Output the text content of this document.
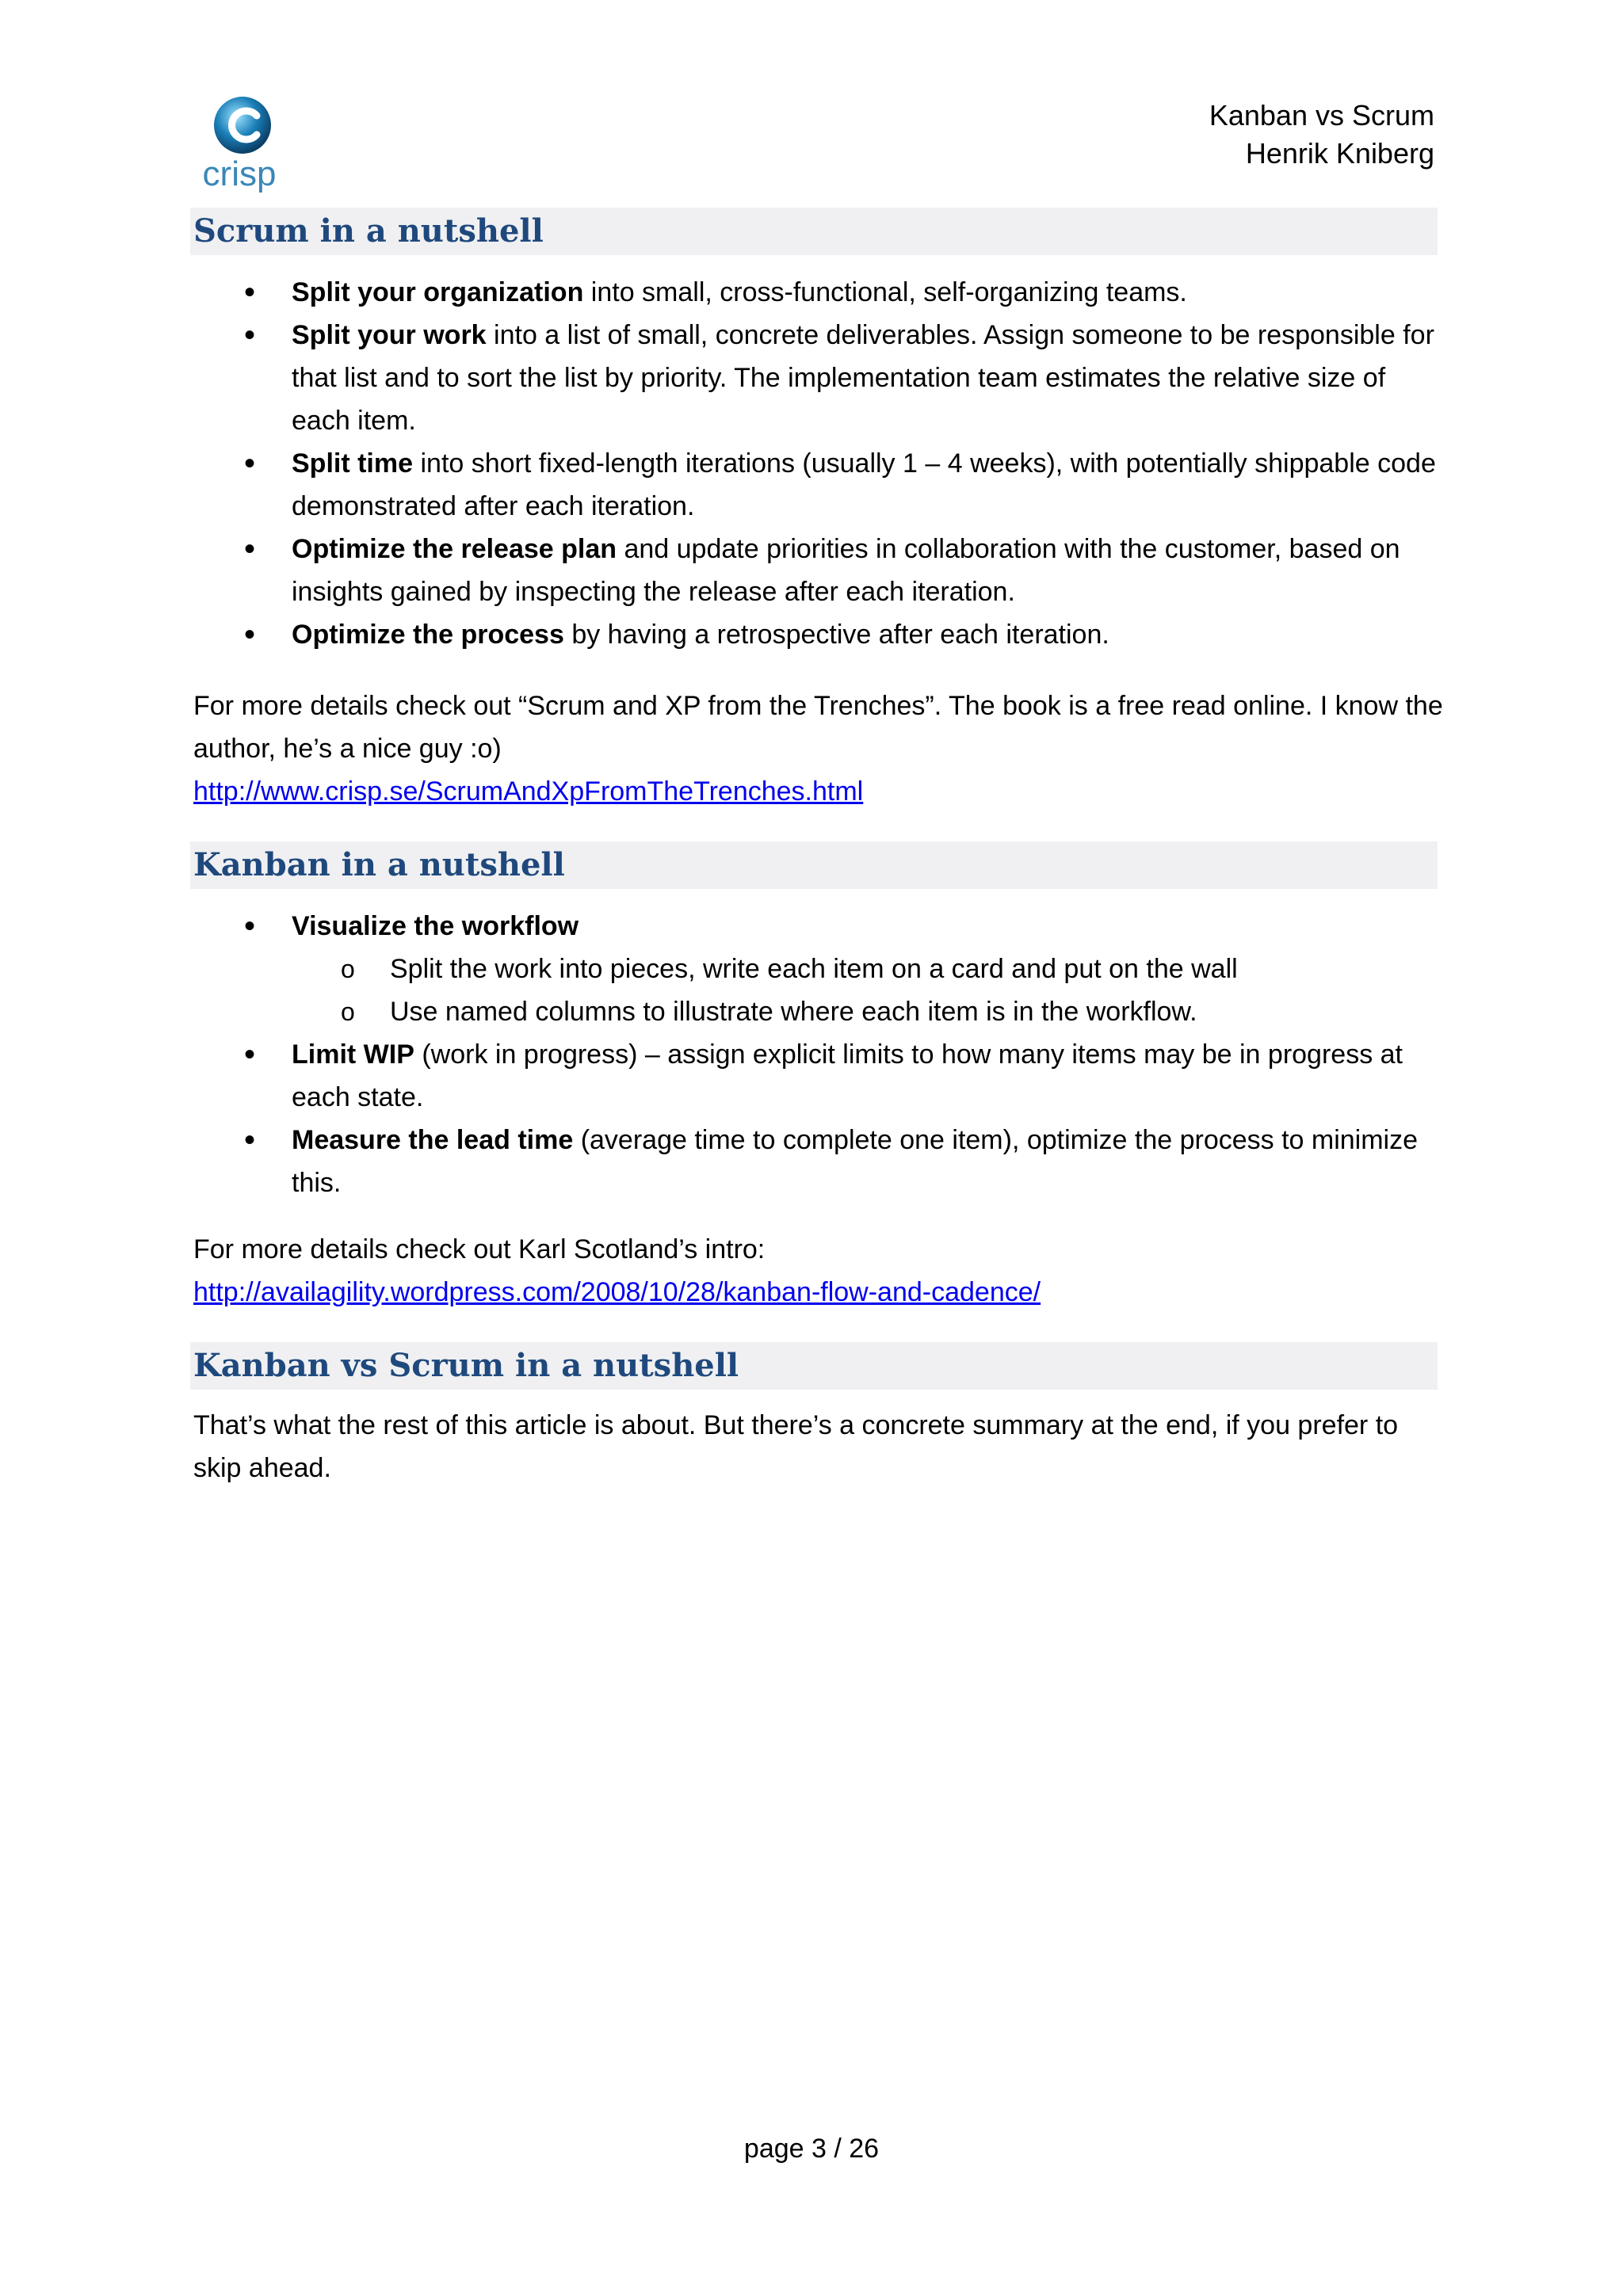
crisp
Kanban vs Scrum
Henrik Kniberg
Scrum in a nutshell
• Split your organization into small, cross-functional, self-organizing teams.
• Split your work into a list of small, concrete deliverables. Assign someone to be responsible for that list and to sort the list by priority. The implementation team estimates the relative size of each item.
• Split time into short fixed-length iterations (usually 1 – 4 weeks), with potentially shippable code demonstrated after each iteration.
• Optimize the release plan and update priorities in collaboration with the customer, based on insights gained by inspecting the release after each iteration.
• Optimize the process by having a retrospective after each iteration.

For more details check out “Scrum and XP from the Trenches”. The book is a free read online. I know the author, he’s a nice guy :o)

http://www.crisp.se/ScrumAndXpFromTheTrenches.html

Kanban in a nutshell
• Visualize the workflow
o Split the work into pieces, write each item on a card and put on the wall
o Use named columns to illustrate where each item is in the workflow.
• Limit WIP (work in progress) – assign explicit limits to how many items may be in progress at each state.
• Measure the lead time (average time to complete one item), optimize the process to minimize this.

For more details check out Karl Scotland’s intro:

http://availagility.wordpress.com/2008/10/28/kanban-flow-and-cadence/

Kanban vs Scrum in a nutshell

That’s what the rest of this article is about. But there’s a concrete summary at the end, if you prefer to skip ahead.

page 3 / 26
